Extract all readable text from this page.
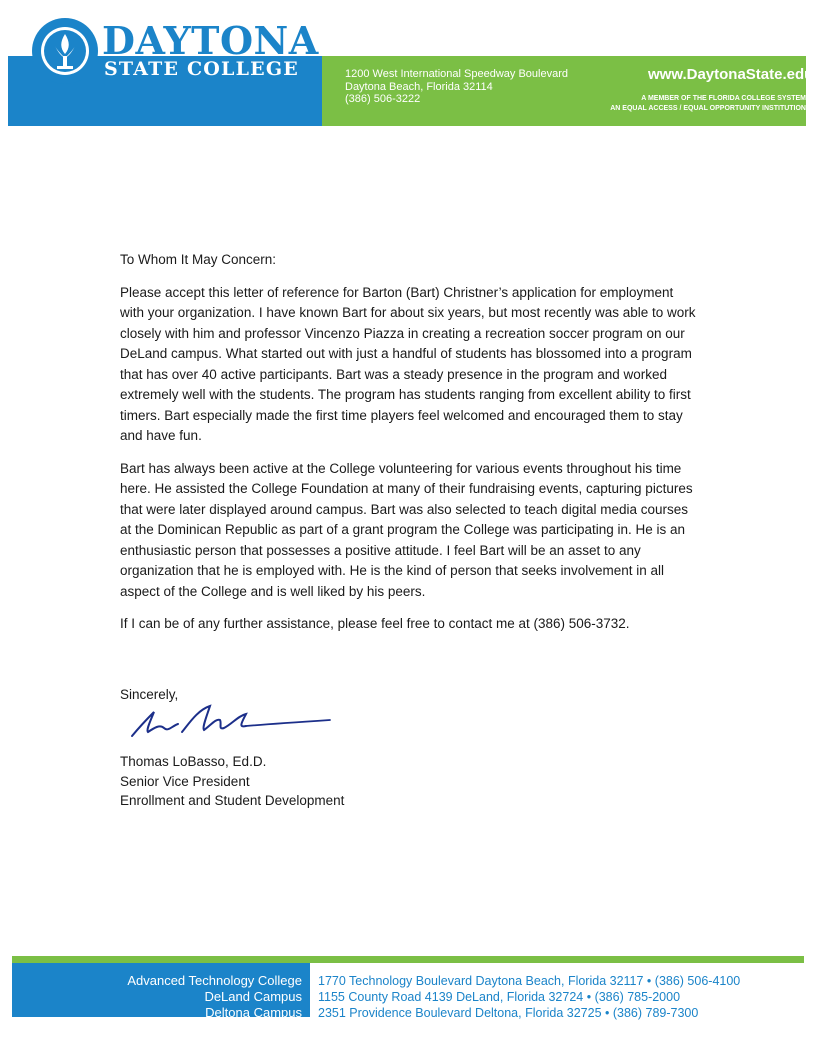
DAYTONA
STATE COLLEGE	1200 West International Speedway Boulevard
Daytona Beach, Florida 32114
(386) 506-3222
www.DaytonaState.edu
A MEMBER OF THE FLORIDA COLLEGE SYSTEM
AN EQUAL ACCESS / EQUAL OPPORTUNITY INSTITUTION

To Whom It May Concern:

Please accept this letter of reference for Barton (Bart) Christner’s application for employment with your organization. I have known Bart for about six years, but most recently was able to work closely with him and professor Vincenzo Piazza in creating a recreation soccer program on our DeLand campus. What started out with just a handful of students has blossomed into a program that has over 40 active participants. Bart was a steady presence in the program and worked extremely well with the students. The program has students ranging from excellent ability to first timers. Bart especially made the first time players feel welcomed and encouraged them to stay and have fun.

Bart has always been active at the College volunteering for various events throughout his time here. He assisted the College Foundation at many of their fundraising events, capturing pictures that were later displayed around campus. Bart was also selected to teach digital media courses at the Dominican Republic as part of a grant program the College was participating in. He is an enthusiastic person that possesses a positive attitude. I feel Bart will be an asset to any organization that he is employed with. He is the kind of person that seeks involvement in all aspect of the College and is well liked by his peers.

If I can be of any further assistance, please feel free to contact me at (386) 506-3732.

Sincerely,
Thomas LoBasso, Ed.D.
Senior Vice President
Enrollment and Student Development
Advanced Technology College
DeLand Campus
Deltona Campus
1770 Technology Boulevard Daytona Beach, Florida 32117 • (386) 506-4100
1155 County Road 4139 DeLand, Florida 32724 • (386) 785-2000
2351 Providence Boulevard Deltona, Florida 32725 • (386) 789-7300
